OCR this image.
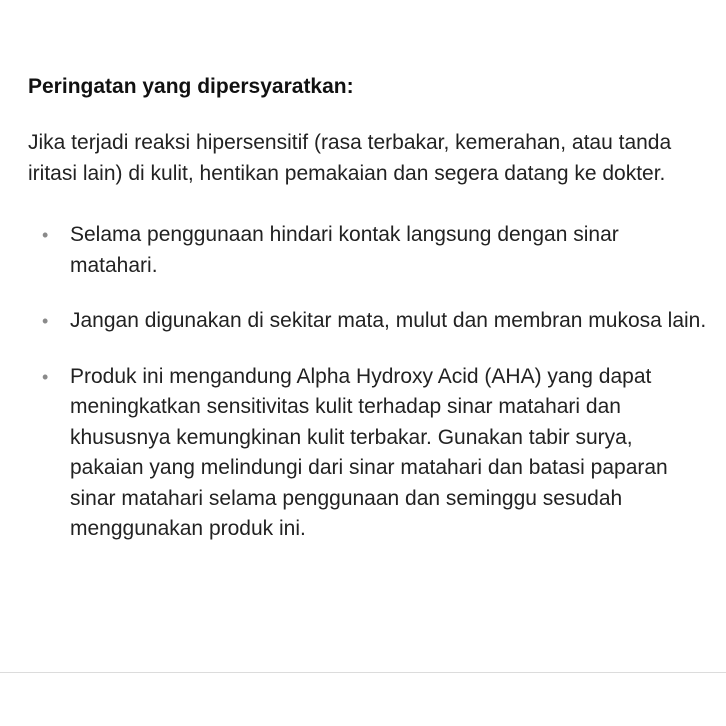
Peringatan yang dipersyaratkan:

Jika terjadi reaksi hipersensitif (rasa terbakar, kemerahan, atau tanda iritasi lain) di kulit, hentikan pemakaian dan segera datang ke dokter.

• Selama penggunaan hindari kontak langsung dengan sinar matahari.
• Jangan digunakan di sekitar mata, mulut dan membran mukosa lain.
• Produk ini mengandung Alpha Hydroxy Acid (AHA) yang dapat meningkatkan sensitivitas kulit terhadap sinar matahari dan khususnya kemungkinan kulit terbakar. Gunakan tabir surya, pakaian yang melindungi dari sinar matahari dan batasi paparan sinar matahari selama penggunaan dan seminggu sesudah menggunakan produk ini.
